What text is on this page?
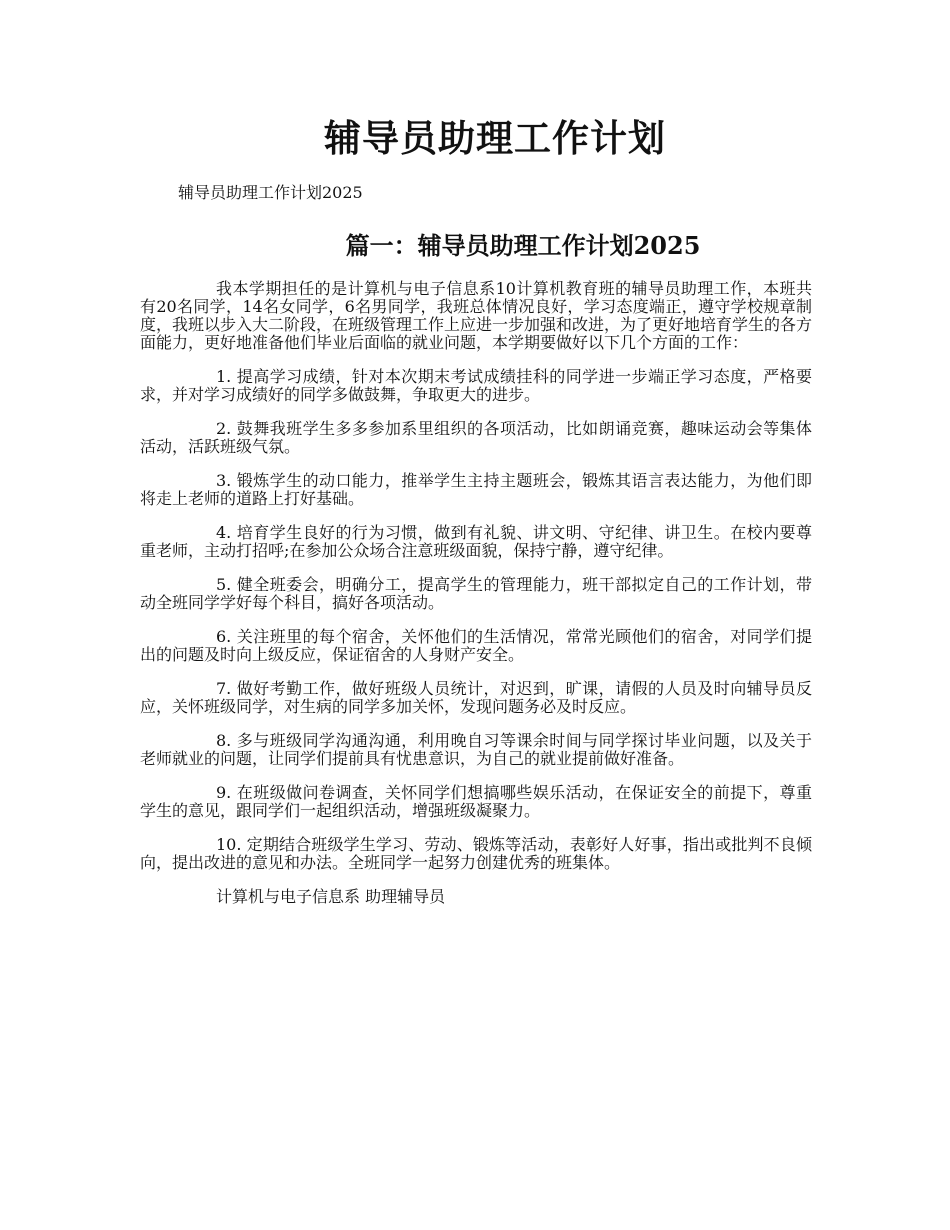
辅导员助理工作计划

辅导员助理工作计划2025

篇一：辅导员助理工作计划2025

我本学期担任的是计算机与电子信息系10计算机教育班的辅导员助理工作，本班共有20名同学，14名女同学，6名男同学，我班总体情况良好，学习态度端正，遵守学校规章制度，我班以步入大二阶段，在班级管理工作上应进一步加强和改进，为了更好地培育学生的各方面能力，更好地准备他们毕业后面临的就业问题，本学期要做好以下几个方面的工作：

1. 提高学习成绩，针对本次期末考试成绩挂科的同学进一步端正学习态度，严格要求，并对学习成绩好的同学多做鼓舞，争取更大的进步。

2. 鼓舞我班学生多多参加系里组织的各项活动，比如朗诵竞赛，趣味运动会等集体活动，活跃班级气氛。

3. 锻炼学生的动口能力，推举学生主持主题班会，锻炼其语言表达能力，为他们即将走上老师的道路上打好基础。

4. 培育学生良好的行为习惯，做到有礼貌、讲文明、守纪律、讲卫生。在校内要尊重老师，主动打招呼;在参加公众场合注意班级面貌，保持宁静，遵守纪律。

5. 健全班委会，明确分工，提高学生的管理能力，班干部拟定自己的工作计划，带动全班同学学好每个科目，搞好各项活动。

6. 关注班里的每个宿舍，关怀他们的生活情况，常常光顾他们的宿舍，对同学们提出的问题及时向上级反应，保证宿舍的人身财产安全。

7. 做好考勤工作，做好班级人员统计，对迟到，旷课，请假的人员及时向辅导员反应，关怀班级同学，对生病的同学多加关怀，发现问题务必及时反应。

8. 多与班级同学沟通沟通，利用晚自习等课余时间与同学探讨毕业问题，以及关于老师就业的问题，让同学们提前具有忧患意识，为自己的就业提前做好准备。

9. 在班级做问卷调查，关怀同学们想搞哪些娱乐活动，在保证安全的前提下，尊重学生的意见，跟同学们一起组织活动，增强班级凝聚力。

10. 定期结合班级学生学习、劳动、锻炼等活动，表彰好人好事，指出或批判不良倾向，提出改进的意见和办法。全班同学一起努力创建优秀的班集体。

计算机与电子信息系 助理辅导员
